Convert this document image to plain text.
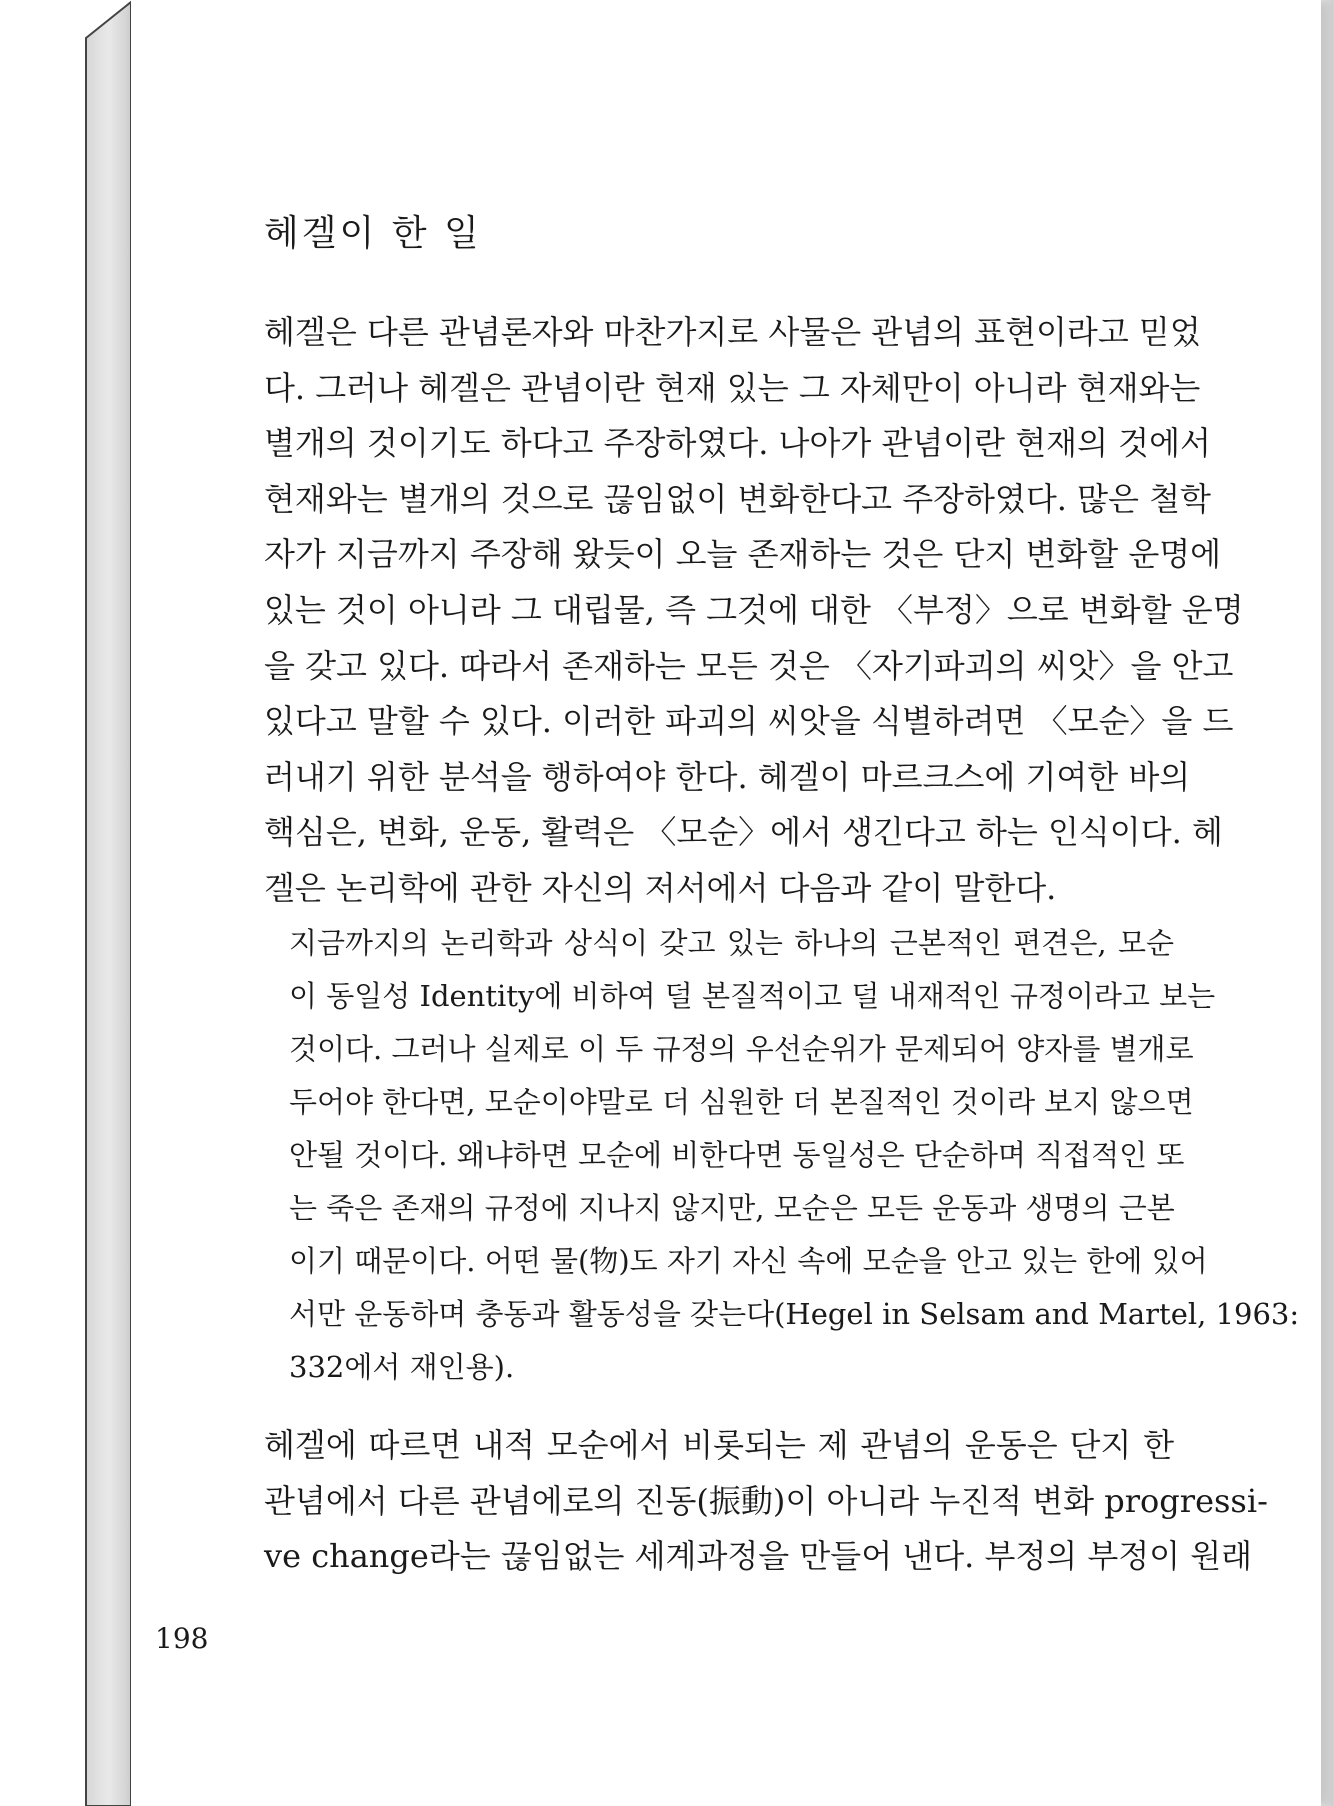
헤겔이 한 일
헤겔은 다른 관념론자와 마찬가지로 사물은 관념의 표현이라고 믿었
다. 그러나 헤겔은 관념이란 현재 있는 그 자체만이 아니라 현재와는
별개의 것이기도 하다고 주장하였다. 나아가 관념이란 현재의 것에서
현재와는 별개의 것으로 끊임없이 변화한다고 주장하였다. 많은 철학
자가 지금까지 주장해 왔듯이 오늘 존재하는 것은 단지 변화할 운명에
있는 것이 아니라 그 대립물, 즉 그것에 대한 〈부정〉으로 변화할 운명
을 갖고 있다. 따라서 존재하는 모든 것은 〈자기파괴의 씨앗〉을 안고
있다고 말할 수 있다. 이러한 파괴의 씨앗을 식별하려면 〈모순〉을 드
러내기 위한 분석을 행하여야 한다. 헤겔이 마르크스에 기여한 바의
핵심은, 변화, 운동, 활력은 〈모순〉에서 생긴다고 하는 인식이다. 헤
겔은 논리학에 관한 자신의 저서에서 다음과 같이 말한다.
지금까지의 논리학과 상식이 갖고 있는 하나의 근본적인 편견은, 모순
이 동일성 Identity에 비하여 덜 본질적이고 덜 내재적인 규정이라고 보는
것이다. 그러나 실제로 이 두 규정의 우선순위가 문제되어 양자를 별개로
두어야 한다면, 모순이야말로 더 심원한 더 본질적인 것이라 보지 않으면
안될 것이다. 왜냐하면 모순에 비한다면 동일성은 단순하며 직접적인 또
는 죽은 존재의 규정에 지나지 않지만, 모순은 모든 운동과 생명의 근본
이기 때문이다. 어떤 물(物)도 자기 자신 속에 모순을 안고 있는 한에 있어
서만 운동하며 충동과 활동성을 갖는다(Hegel in Selsam and Martel, 1963:
332에서 재인용).
헤겔에 따르면 내적 모순에서 비롯되는 제 관념의 운동은 단지 한
관념에서 다른 관념에로의 진동(振動)이 아니라 누진적 변화 progressi-
ve change라는 끊임없는 세계과정을 만들어 낸다. 부정의 부정이 원래
198
